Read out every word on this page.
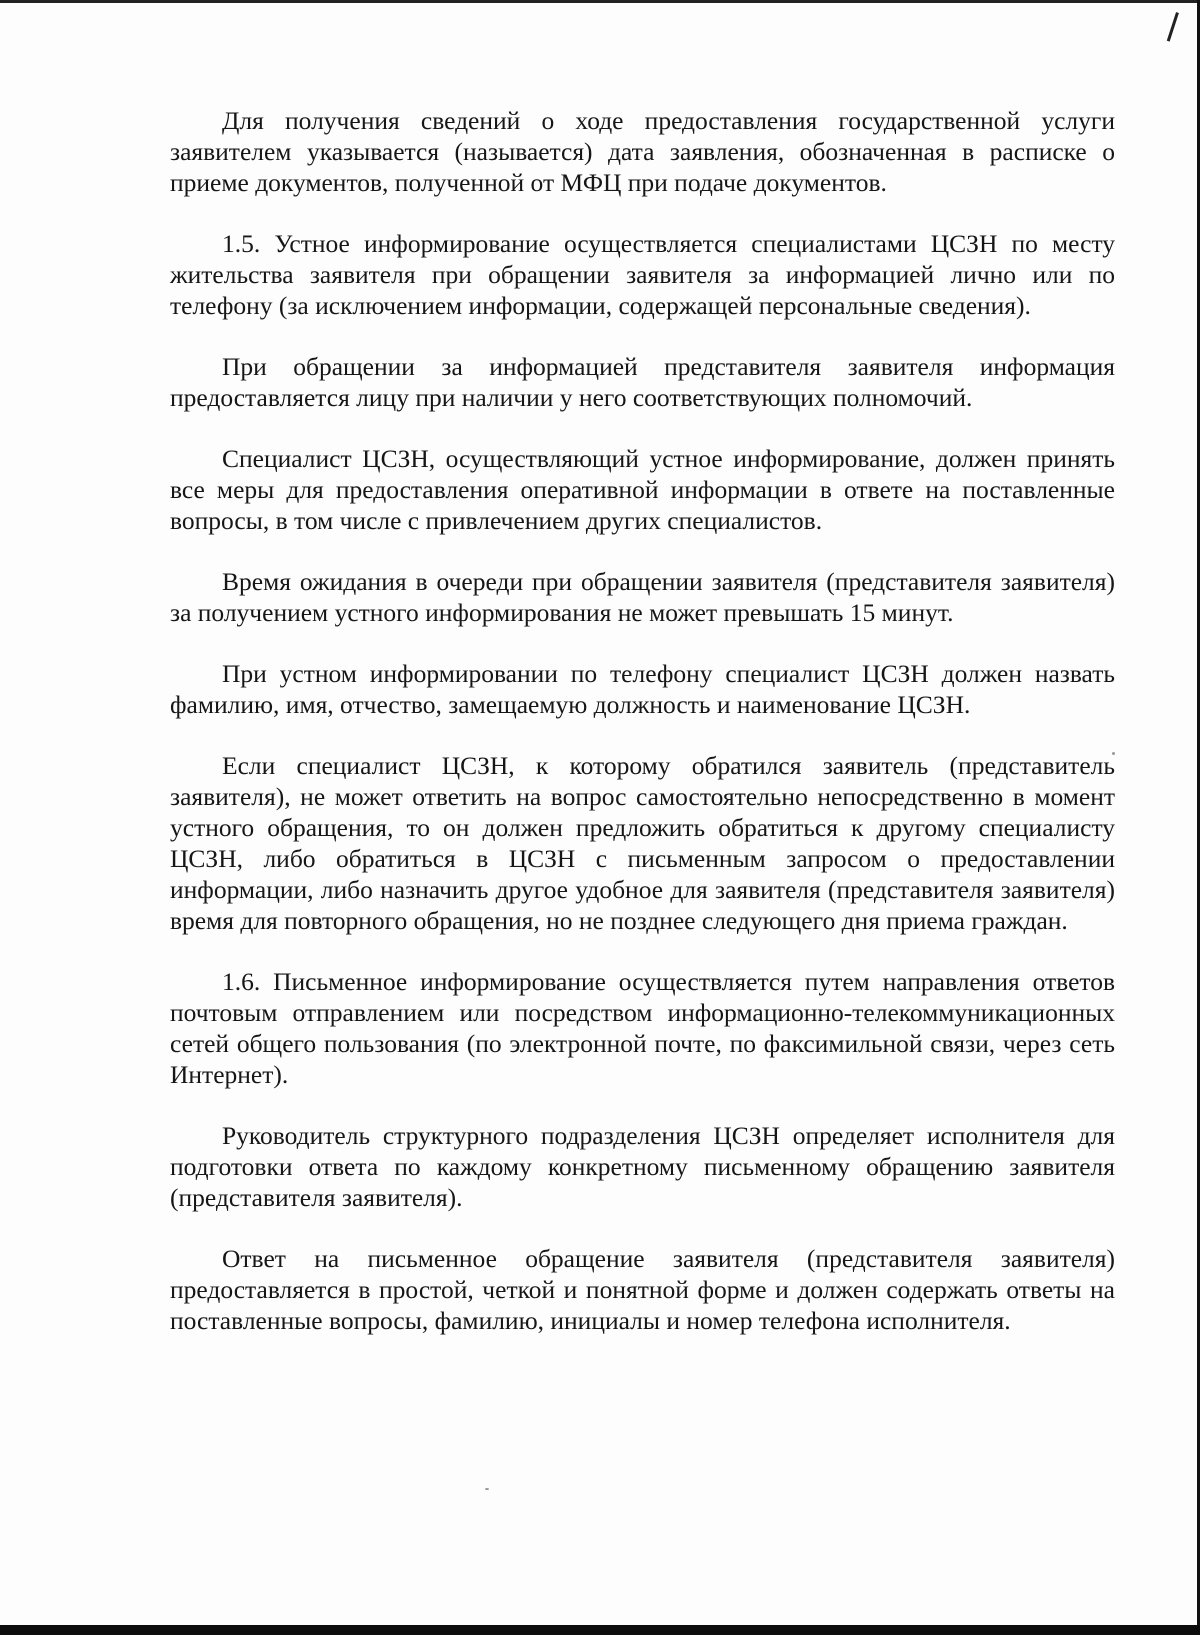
Для получения сведений о ходе предоставления государственной услуги заявителем указывается (называется) дата заявления, обозначенная в расписке о приеме документов, полученной от МФЦ при подаче документов.

1.5. Устное информирование осуществляется специалистами ЦСЗН по месту жительства заявителя при обращении заявителя за информацией лично или по телефону (за исключением информации, содержащей персональные сведения).

При обращении за информацией представителя заявителя информация предоставляется лицу при наличии у него соответствующих полномочий.

Специалист ЦСЗН, осуществляющий устное информирование, должен принять все меры для предоставления оперативной информации в ответе на поставленные вопросы, в том числе с привлечением других специалистов.

Время ожидания в очереди при обращении заявителя (представителя заявителя) за получением устного информирования не может превышать 15 минут.

При устном информировании по телефону специалист ЦСЗН должен назвать фамилию, имя, отчество, замещаемую должность и наименование ЦСЗН.

Если специалист ЦСЗН, к которому обратился заявитель (представитель заявителя), не может ответить на вопрос самостоятельно непосредственно в момент устного обращения, то он должен предложить обратиться к другому специалисту ЦСЗН, либо обратиться в ЦСЗН с письменным запросом о предоставлении информации, либо назначить другое удобное для заявителя (представителя заявителя) время для повторного обращения, но не позднее следующего дня приема граждан.

1.6. Письменное информирование осуществляется путем направления ответов почтовым отправлением или посредством информационно-телекоммуникационных сетей общего пользования (по электронной почте, по факсимильной связи, через сеть Интернет).

Руководитель структурного подразделения ЦСЗН определяет исполнителя для подготовки ответа по каждому конкретному письменному обращению заявителя (представителя заявителя).

Ответ на письменное обращение заявителя (представителя заявителя) предоставляется в простой, четкой и понятной форме и должен содержать ответы на поставленные вопросы, фамилию, инициалы и номер телефона исполнителя.
